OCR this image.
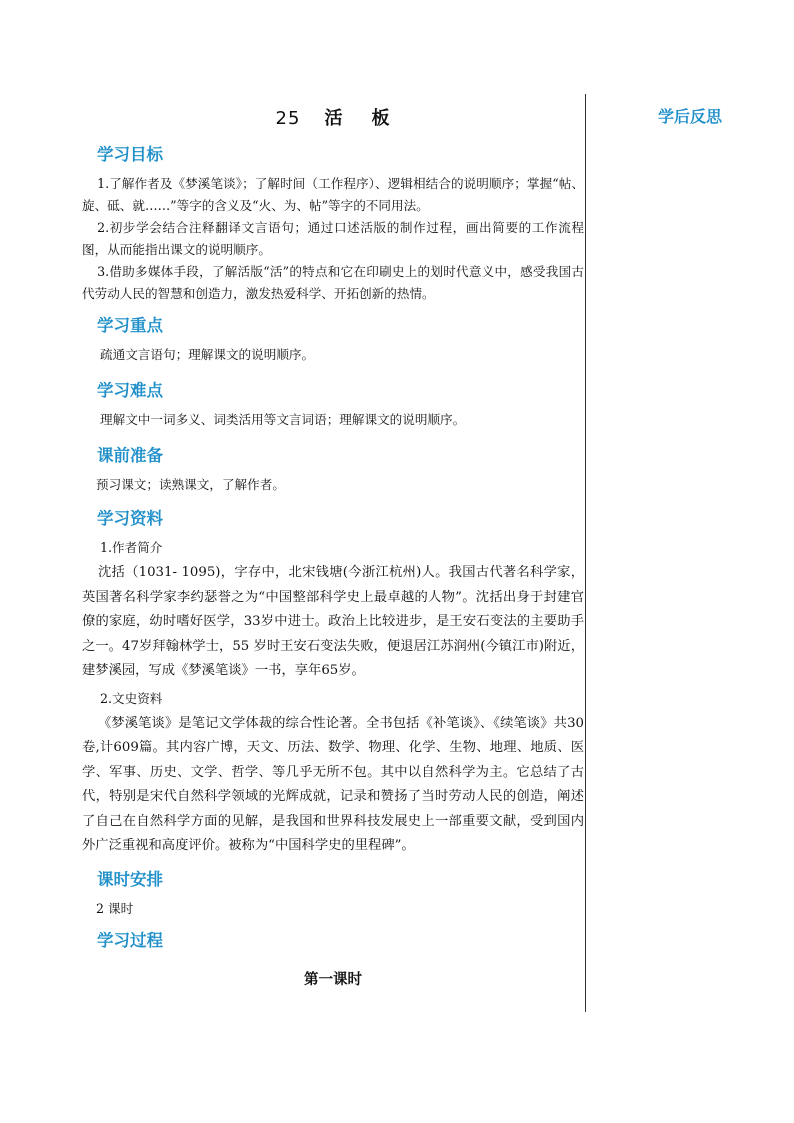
25 活 板
学习目标

1.了解作者及《梦溪笔谈》；了解时间（工作程序）、逻辑相结合的说明顺序；掌握“帖、 旋、砥、就……”等字的含义及“火、为、帖”等字的不同用法。

2.初步学会结合注释翻译文言语句；通过口述活版的制作过程，画出简要的工作流程图，从而能指出课文的说明顺序。

3.借助多媒体手段，了解活版“活”的特点和它在印刷史上的划时代意义中，感受我国古代劳动人民的智慧和创造力，激发热爱科学、开拓创新的热情。

学习重点

疏通文言语句；理解课文的说明顺序。

学习难点

理解文中一词多义、词类活用等文言词语；理解课文的说明顺序。

课前准备

预习课文；读熟课文，了解作者。

学习资料

1.作者简介

沈括（1031- 1095)，字存中，北宋钱塘(今浙江杭州)人。我国古代著名科学家，英国著名科学家李约瑟誉之为“中国整部科学史上最卓越的人物”。沈括出身于封建官僚的家庭，幼时嗜好医学，33岁中进士。政治上比较进步，是王安石变法的主要助手之一。47岁拜翰林学士，55 岁时王安石变法失败，便退居江苏润州(今镇江市)附近，建梦溪园，写成《梦溪笔谈》一书，享年65岁。

2.文史资料

《梦溪笔谈》是笔记文学体裁的综合性论著。全书包括《补笔谈》、《续笔谈》共30卷,计609篇。其内容广博，天文、历法、数学、物理、化学、生物、地理、地质、医学、军事、历史、文学、哲学、等几乎无所不包。其中以自然科学为主。它总结了古代，特别是宋代自然科学领域的光辉成就，记录和赞扬了当时劳动人民的创造，阐述了自己在自然科学方面的见解，是我国和世界科技发展史上一部重要文献，受到国内外广泛重视和高度评价。被称为“中国科学史的里程碑”。

课时安排

2 课时

学习过程
第一课时
学后反思
